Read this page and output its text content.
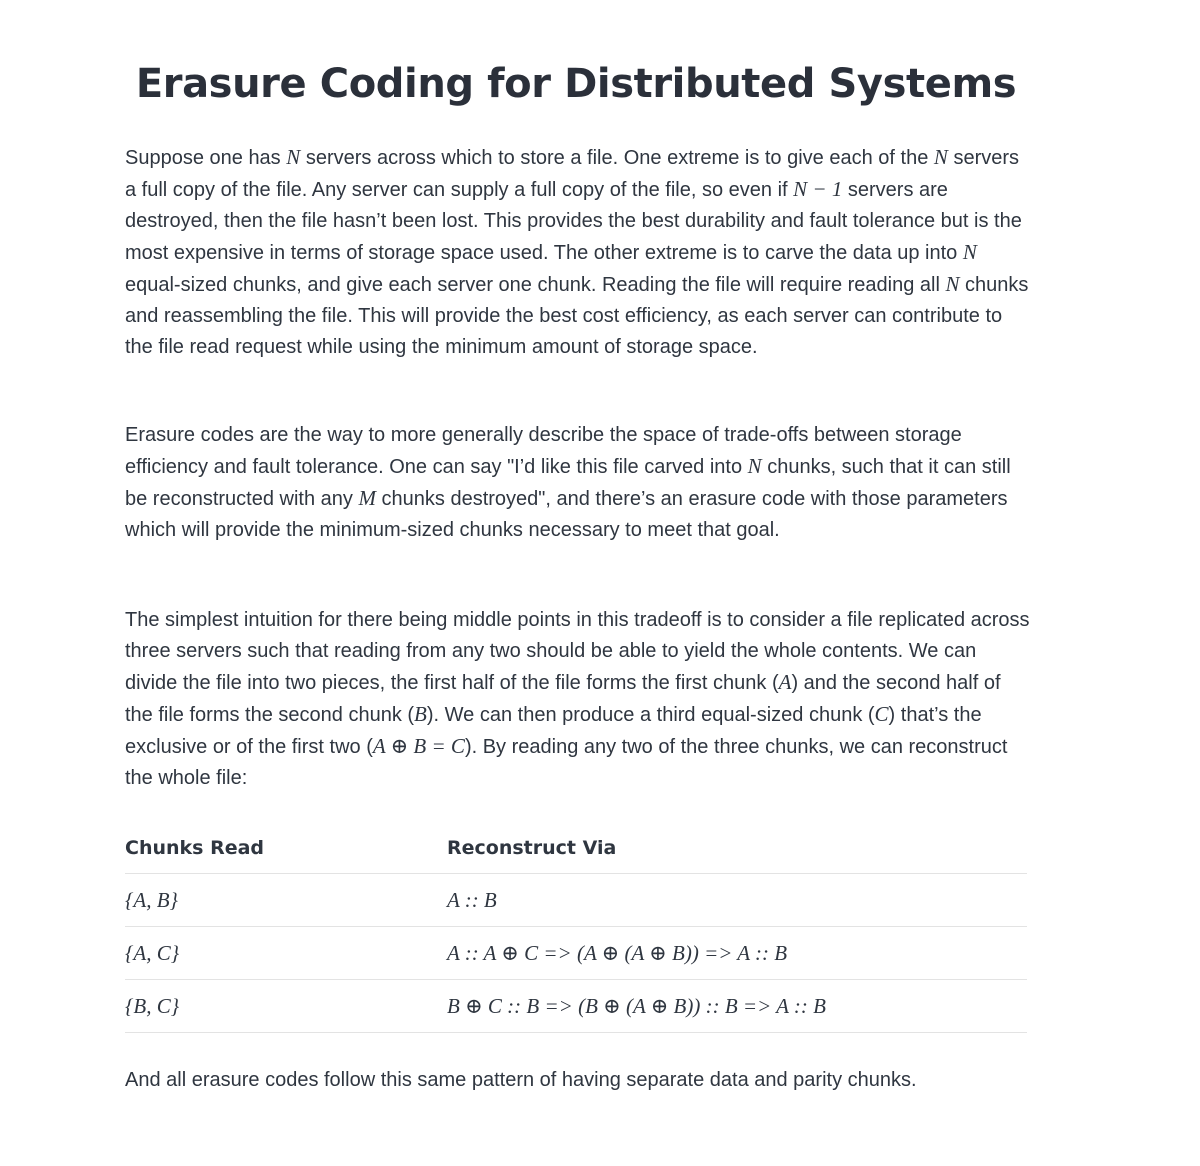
Erasure Coding for Distributed Systems

Suppose one has N servers across which to store a file. One extreme is to give each of the N servers a full copy of the file. Any server can supply a full copy of the file, so even if N − 1 servers are destroyed, then the file hasn’t been lost. This provides the best durability and fault tolerance but is the most expensive in terms of storage space used. The other extreme is to carve the data up into N equal-sized chunks, and give each server one chunk. Reading the file will require reading all N chunks and reassembling the file. This will provide the best cost efficiency, as each server can contribute to the file read request while using the minimum amount of storage space.

Erasure codes are the way to more generally describe the space of trade-offs between storage efficiency and fault tolerance. One can say "I’d like this file carved into N chunks, such that it can still be reconstructed with any M chunks destroyed", and there’s an erasure code with those parameters which will provide the minimum-sized chunks necessary to meet that goal.

The simplest intuition for there being middle points in this tradeoff is to consider a file replicated across three servers such that reading from any two should be able to yield the whole contents. We can divide the file into two pieces, the first half of the file forms the first chunk (A) and the second half of the file forms the second chunk (B). We can then produce a third equal-sized chunk (C) that’s the exclusive or of the first two (A ⊕ B = C). By reading any two of the three chunks, we can reconstruct the whole file:

Chunks Read	Reconstruct Via
{A, B}	A :: B
{A, C}	A :: A ⊕ C => (A ⊕ (A ⊕ B)) => A :: B
{B, C}	B ⊕ C :: B => (B ⊕ (A ⊕ B)) :: B => A :: B

And all erasure codes follow this same pattern of having separate data and parity chunks.
